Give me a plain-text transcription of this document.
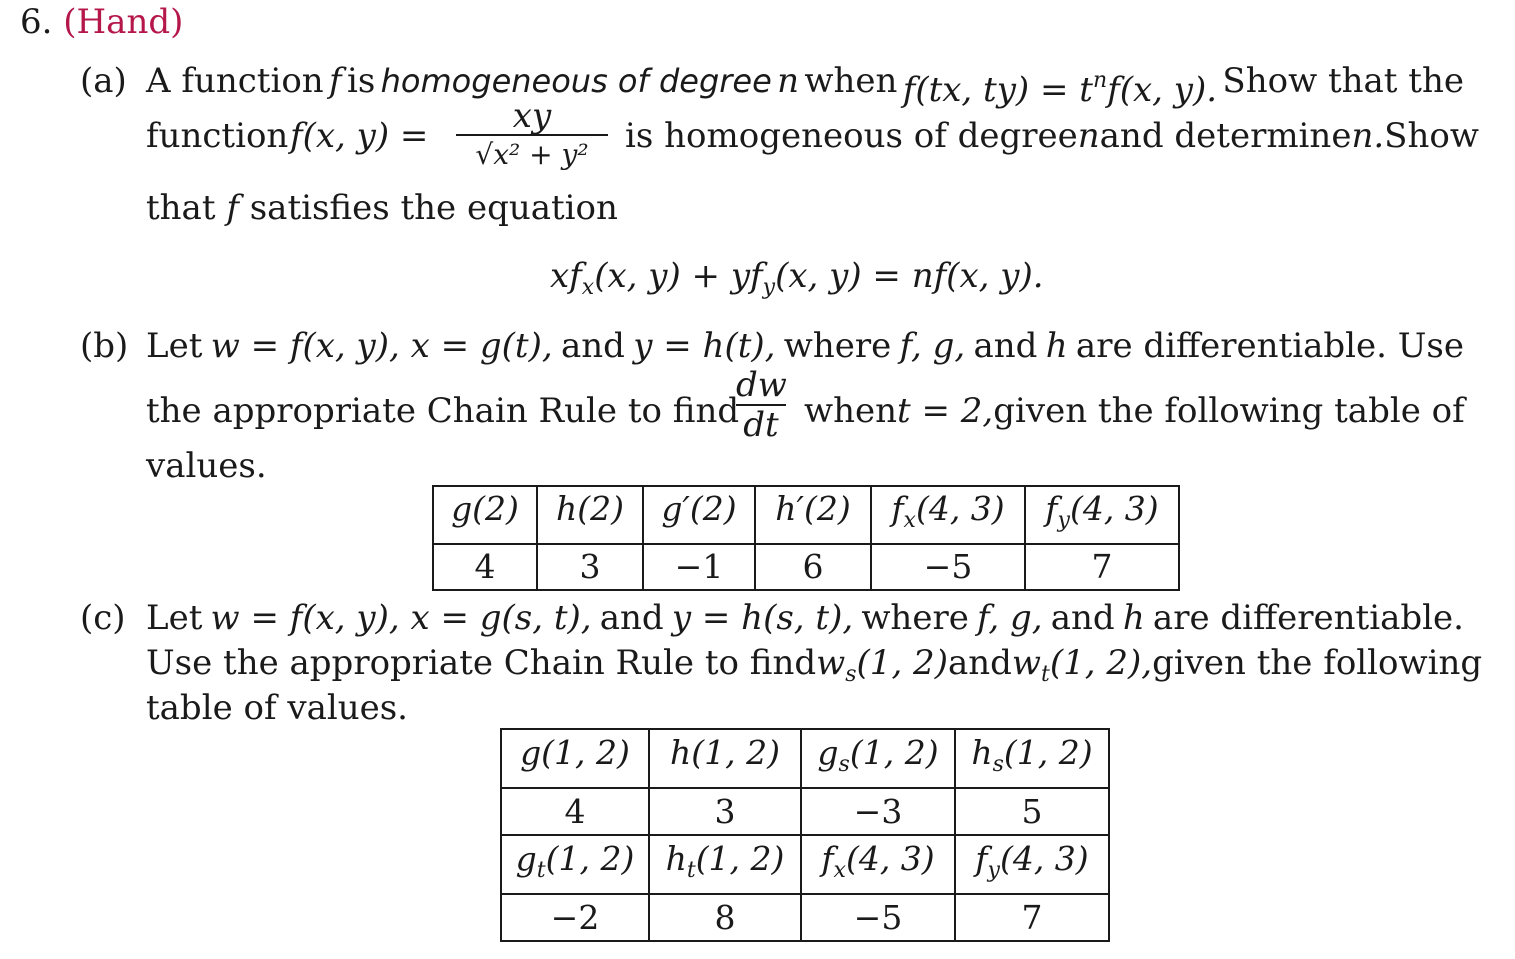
6. (Hand)
(a) A function f is homogeneous of degree n when f(tx, $ty) = t^nf(x$, y). Show that the
function f(x, y) =	xy
√x² + y²	is homogeneous of degree n and determine n. Show
that f satisfies the equation
$xf_x(x$, $y) + yf_y(x$, y) = nf(x, y).
(b) Let w = f(x, y), x = g(t), and y = h(t), where f, g, and h are differentiable. Use
the appropriate Chain Rule to find
dw
dt when t = 2, given the following table of
values.
g(2)	h(2)	g′(2)	h′(2)	$f_x(4$, 3)	$f_y(4$, 3)
4	3	−1	6	−5	7
(c) Let w = f(x, y), x = g(s, t), and y = h(s, t), where f, g, and h are differentiable.
Use the appropriate Chain Rule to find $w_s(1$, 2) and $w_t(1$, 2), given the following
table of values.
g(1, 2)	h(1, 2)	$g_s(1$, 2)	$h_s(1$, 2)
4	3	−3	5
$g_t(1$, 2)	$h_t(1$, 2)	$f_x(4$, 3)	$f_y(4$, 3)
−2	8	−5	7
